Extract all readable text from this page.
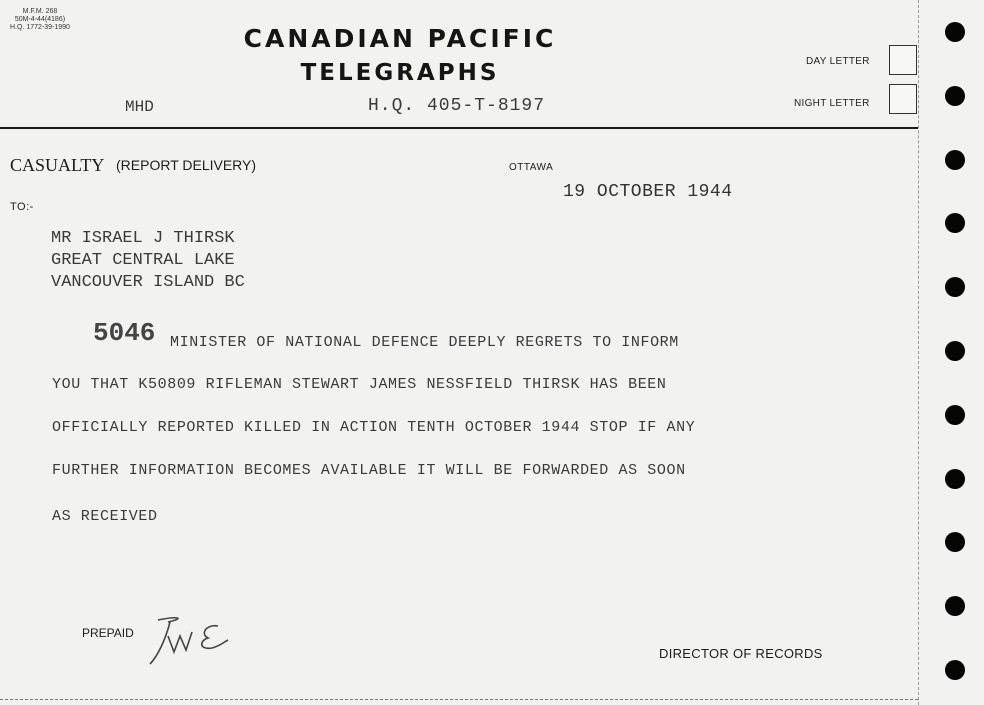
M.F.M. 268
50M-4-44(4186)
H.Q. 1772-39-1990	CANADIAN PACIFIC
TELEGRAPHS
MHD	H.Q. 405-T-8197
DAY LETTER
NIGHT LETTER
CASUALTY (REPORT DELIVERY)	OTTAWA
19 OCTOBER 1944
TO:-
MR ISRAEL J THIRSK
GREAT CENTRAL LAKE
VANCOUVER ISLAND BC
5046 MINISTER OF NATIONAL DEFENCE DEEPLY REGRETS TO INFORM
YOU THAT K50809 RIFLEMAN STEWART JAMES NESSFIELD THIRSK HAS BEEN
OFFICIALLY REPORTED KILLED IN ACTION TENTH OCTOBER 1944 STOP IF ANY
FURTHER INFORMATION BECOMES AVAILABLE IT WILL BE FORWARDED AS SOON
AS RECEIVED
PREPAID
DIRECTOR OF RECORDS
